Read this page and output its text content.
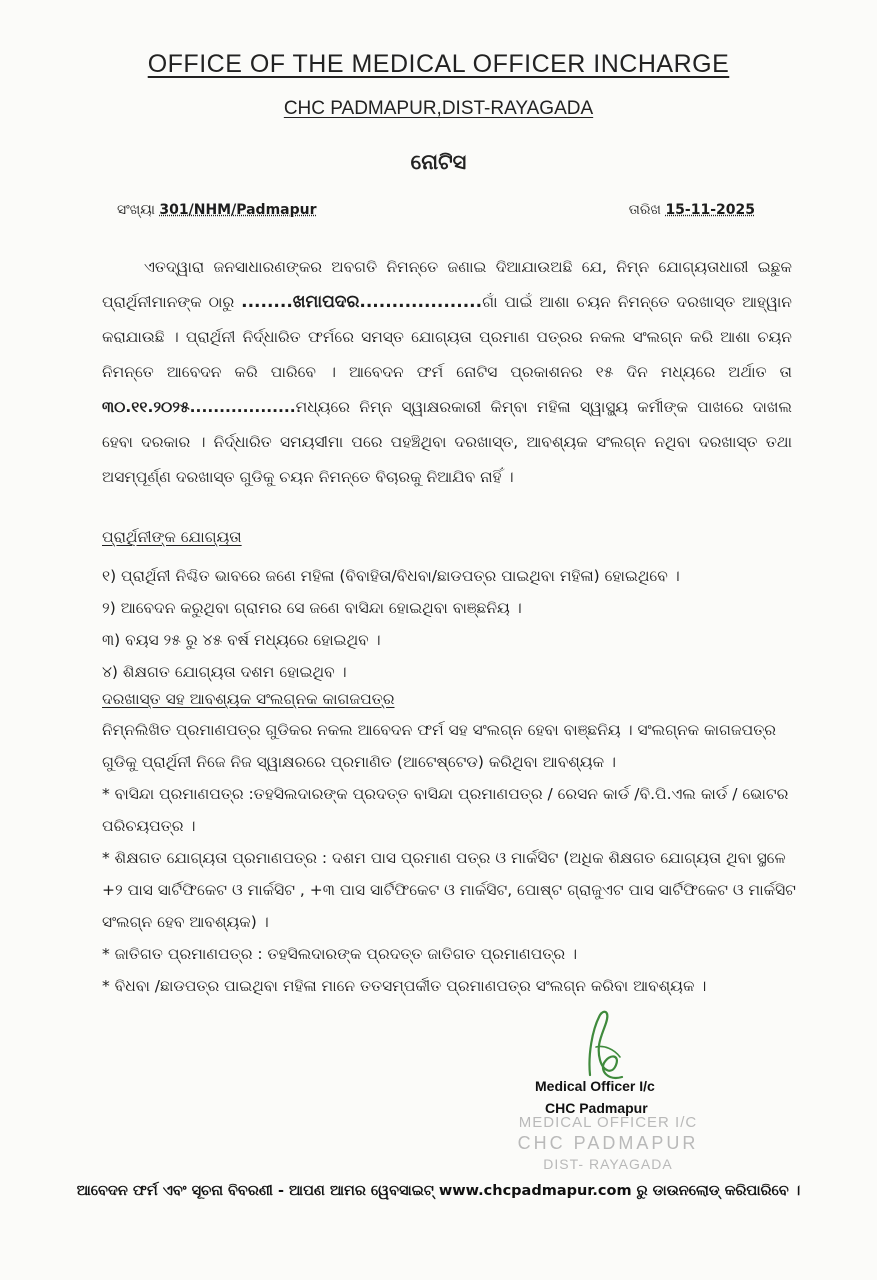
OFFICE OF THE MEDICAL OFFICER INCHARGE
CHC PADMAPUR,DIST-RAYAGADA
ନୋଟିସ
ସଂଖ୍ୟା 301/NHM/Padmapur	ତାରିଖ 15-11-2025
ଏତଦ୍ୱାରା ଜନସାଧାରଣଙ୍କର ଅବଗତି ନିମନ୍ତେ ଜଣାଇ ଦିଆଯାଉଅଛି ଯେ, ନିମ୍ନ ଯୋଗ୍ୟତାଧାରୀ ଇଛୁକ ପ୍ରାର୍ଥିନୀମାନଙ୍କ ଠାରୁ ........ଖମାପଦର...................ଗାଁ ପାଇଁ ଆଶା ଚୟନ ନିମନ୍ତେ ଦରଖାସ୍ତ ଆହ୍ୱାନ କରାଯାଉଛି । ପ୍ରାର୍ଥିନୀ ନିର୍ଦ୍ଧାରିତ ଫର୍ମରେ ସମସ୍ତ ଯୋଗ୍ୟତା ପ୍ରମାଣ ପତ୍ରର ନକଲ ସଂଲଗ୍ନ କରି ଆଶା ଚୟନ ନିମନ୍ତେ ଆବେଦନ କରି ପାରିବେ । ଆବେଦନ ଫର୍ମ ନୋଟିସ ପ୍ରକାଶନର ୧୫ ଦିନ ମଧ୍ୟରେ ଅର୍ଥାତ ତା ୩୦.୧୧.୨୦୨୫..................ମଧ୍ୟରେ ନିମ୍ନ ସ୍ୱାକ୍ଷରକାରୀ କିମ୍ବା ମହିଳା ସ୍ୱାସ୍ଥ୍ୟ କର୍ମୀଙ୍କ ପାଖରେ ଦାଖଲ ହେବା ଦରକାର । ନିର୍ଦ୍ଧାରିତ ସମୟସୀମା ପରେ ପହଞ୍ଚିଥିବା ଦରଖାସ୍ତ, ଆବଶ୍ୟକ ସଂଲଗ୍ନ ନଥିବା ଦରଖାସ୍ତ ତଥା ଅସମ୍ପୂର୍ଣ୍ଣ ଦରଖାସ୍ତ ଗୁଡିକୁ ଚୟନ ନିମନ୍ତେ ବିଚାରକୁ ନିଆଯିବ ନାହିଁ ।
ପ୍ରାର୍ଥିନୀଙ୍କ ଯୋଗ୍ୟତା
୧) ପ୍ରାର୍ଥିନୀ ନିଶ୍ଚିତ ଭାବରେ ଜଣେ ମହିଳା (ବିବାହିତା/ବିଧବା/ଛାଡପତ୍ର ପାଇଥିବା ମହିଳା) ହୋଇଥିବେ ।
୨) ଆବେଦନ କରୁଥିବା ଗ୍ରାମର ସେ ଜଣେ ବାସିନ୍ଦା ହୋଇଥିବା ବାଞ୍ଛନିୟ ।
୩) ବୟସ ୨୫ ରୁ ୪୫ ବର୍ଷ ମଧ୍ୟରେ ହୋଇଥିବ ।
୪) ଶିକ୍ଷଗତ ଯୋଗ୍ୟତା ଦଶମ ହୋଇଥିବ ।
ଦରଖାସ୍ତ ସହ ଆବଶ୍ୟକ ସଂଲଗ୍ନକ କାଗଜପତ୍ର
ନିମ୍ନଲିଖିତ ପ୍ରମାଣପତ୍ର ଗୁଡିକର ନକଲ ଆବେଦନ ଫର୍ମ ସହ ସଂଲଗ୍ନ ହେବା ବାଞ୍ଛନିୟ । ସଂଲଗ୍ନକ କାଗଜପତ୍ର ଗୁଡିକୁ ପ୍ରାର୍ଥିନୀ ନିଜେ ନିଜ ସ୍ୱାକ୍ଷରରେ ପ୍ରମାଣିତ (ଆଟେଷ୍ଟେଡ) କରିଥିବା ଆବଶ୍ୟକ ।
* ବାସିନ୍ଦା ପ୍ରମାଣପତ୍ର :ତହସିଲଦାରଙ୍କ ପ୍ରଦତ୍ତ ବାସିନ୍ଦା ପ୍ରମାଣପତ୍ର / ରେସନ କାର୍ଡ /ବି.ପି.ଏଲ କାର୍ଡ / ଭୋଟର ପରିଚୟପତ୍ର ।
* ଶିକ୍ଷଗତ ଯୋଗ୍ୟତା ପ୍ରମାଣପତ୍ର : ଦଶମ ପାସ ପ୍ରମାଣ ପତ୍ର ଓ ମାର୍କସିଟ (ଅଧିକ ଶିକ୍ଷଗତ ଯୋଗ୍ୟତା ଥିବା ସ୍ଥଳେ +୨ ପାସ ସାର୍ଟିଫିକେଟ ଓ ମାର୍କସିଟ , +୩ ପାସ ସାର୍ଟିଫିକେଟ ଓ ମାର୍କସିଟ, ପୋଷ୍ଟ ଗ୍ରାଜୁଏଟ ପାସ ସାର୍ଟିଫିକେଟ ଓ ମାର୍କସିଟ ସଂଲଗ୍ନ ହେବ ଆବଶ୍ୟକ) ।
* ଜାତିଗତ ପ୍ରମାଣପତ୍ର : ତହସିଲଦାରଙ୍କ ପ୍ରଦତ୍ତ ଜାତିଗତ ପ୍ରମାଣପତ୍ର ।
* ବିଧବା /ଛାଡପତ୍ର ପାଇଥିବା ମହିଳା ମାନେ ତତସମ୍ପର୍କୀତ ପ୍ରମାଣପତ୍ର ସଂଲଗ୍ନ କରିବା ଆବଶ୍ୟକ ।
Medical Officer I/c
CHC Padmapur
MEDICAL OFFICER I/C
CHC PADMAPUR
DIST- RAYAGADA
ଆବେଦନ ଫର୍ମ ଏବଂ ସୂଚନା ବିବରଣୀ - ଆପଣ ଆମର ୱେବସାଇଟ୍ www.chcpadmapur.com ରୁ ଡାଉନଲୋଡ୍ କରିପାରିବେ ।
